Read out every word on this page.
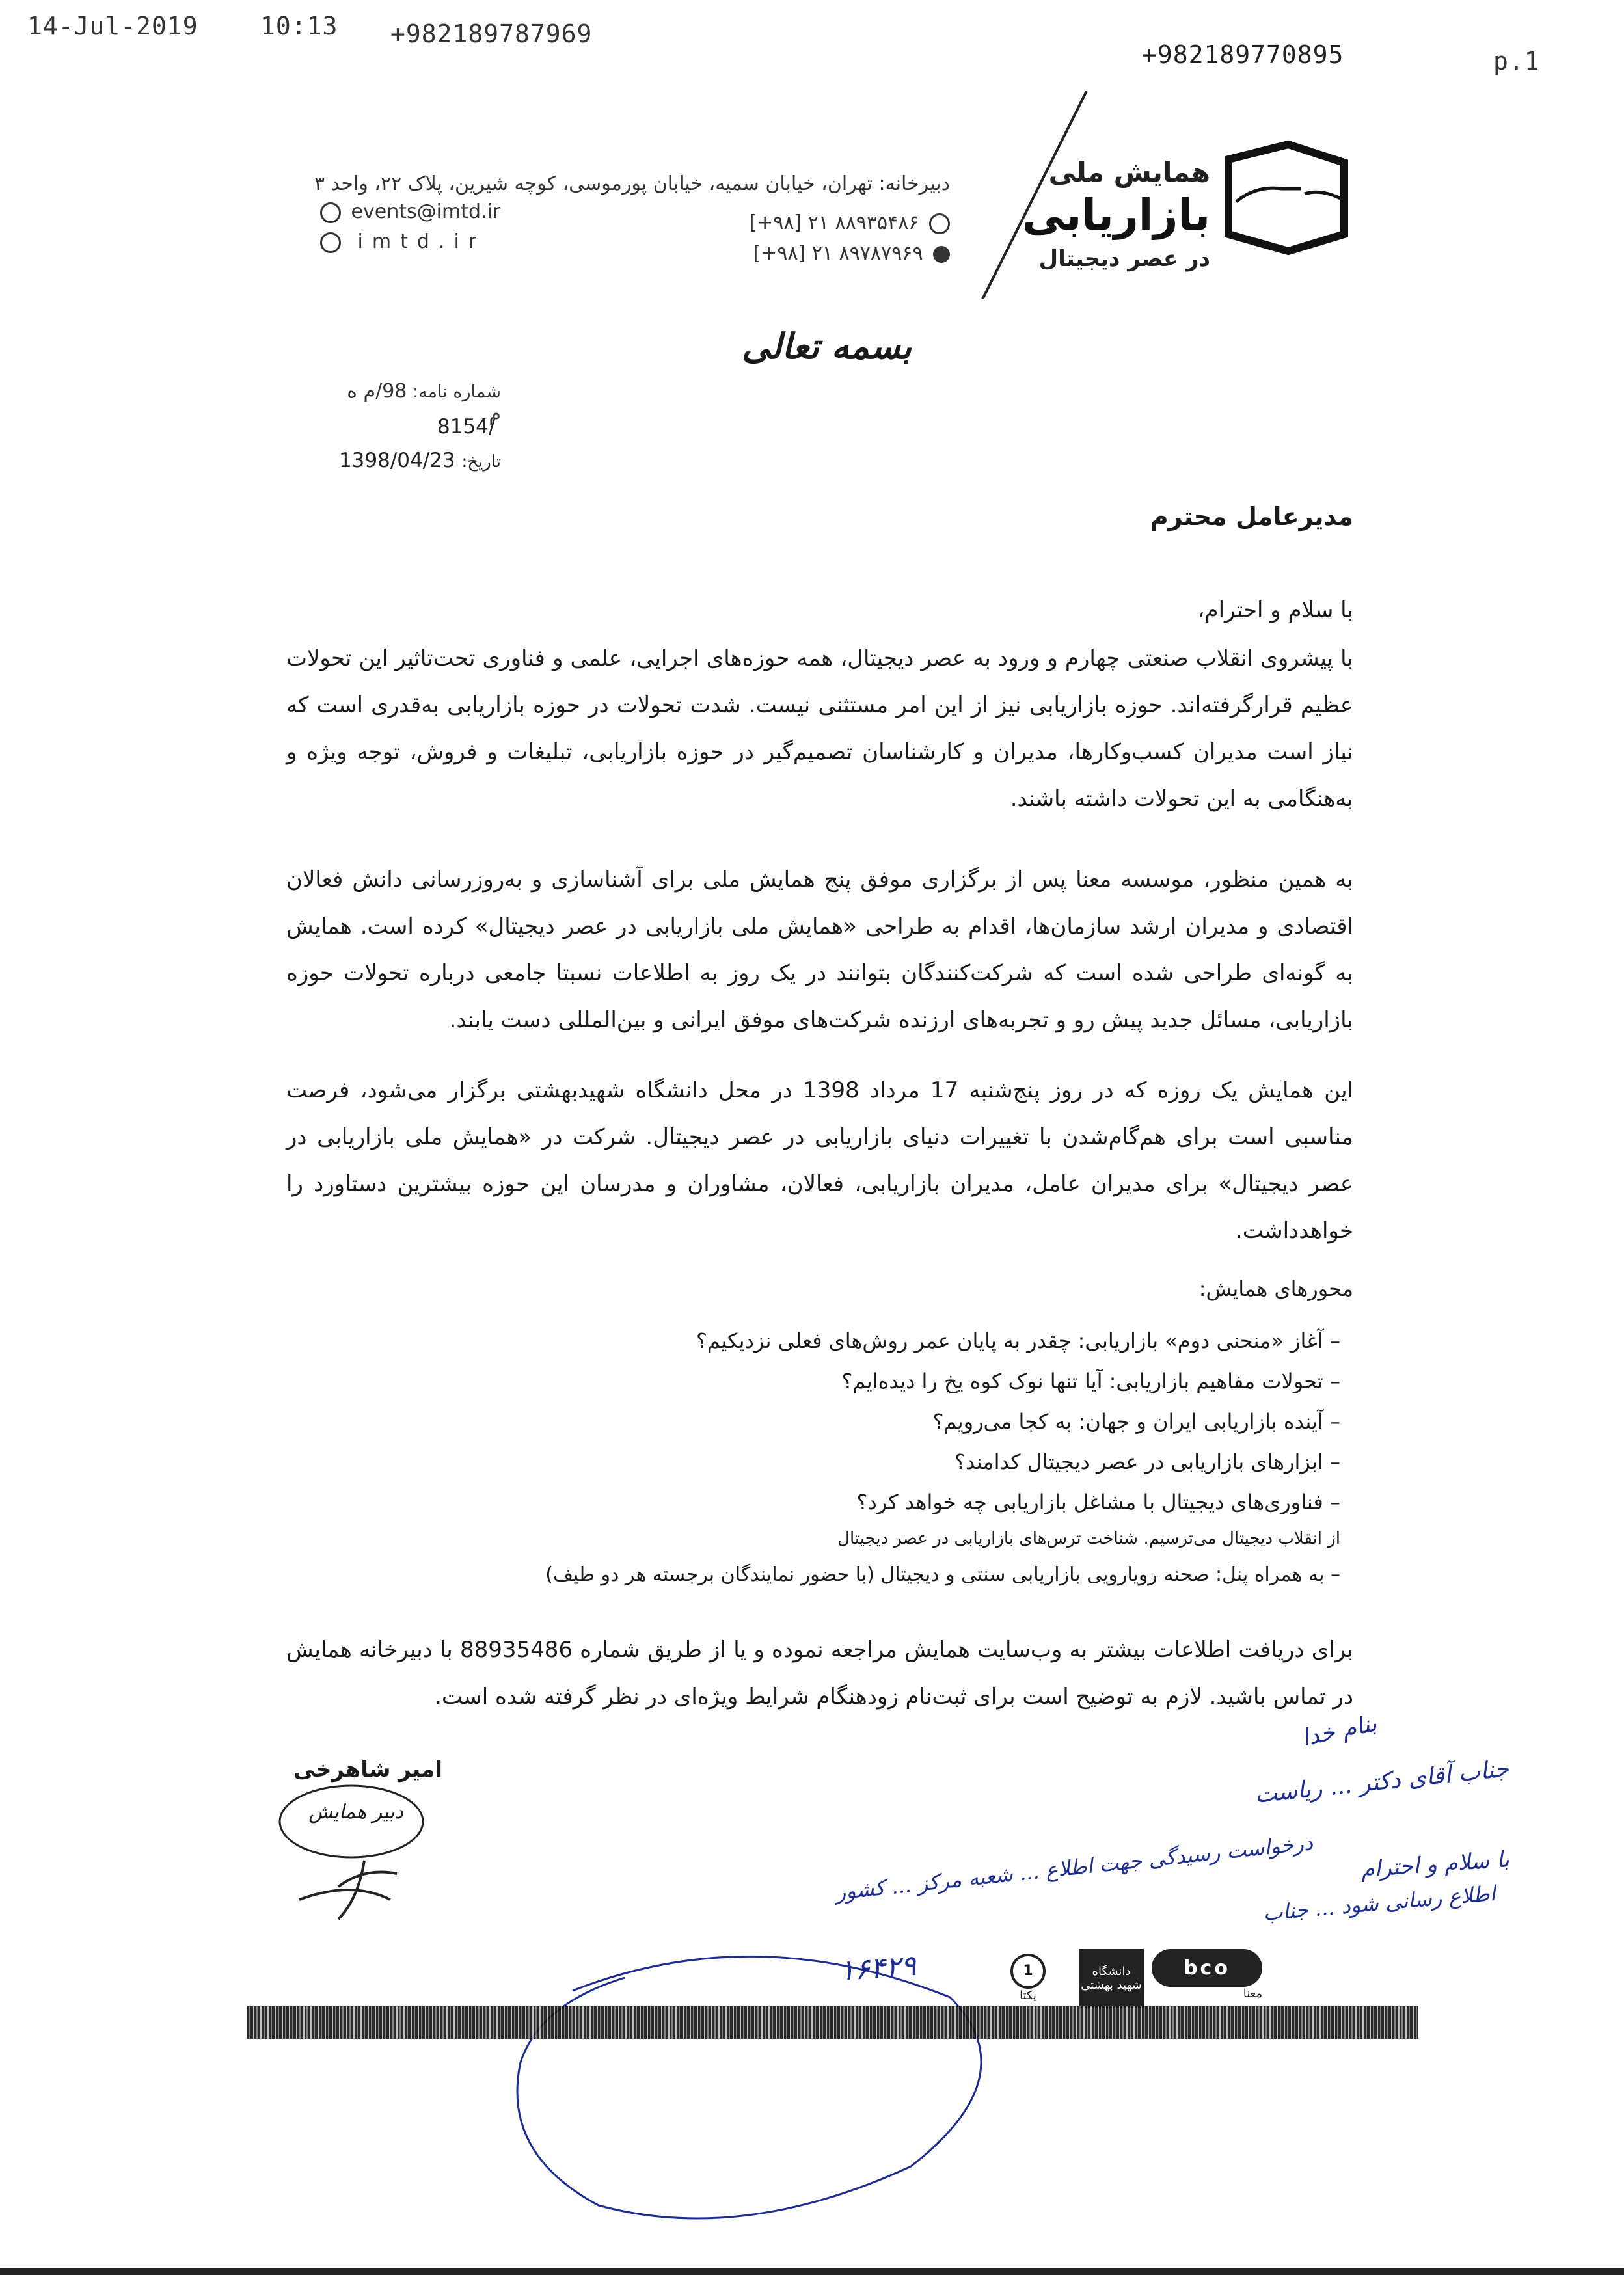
14-Jul-2019	10:13 +982189787969
+982189770895	p.1
همایش ملی
بازاریابی
در عصر دیجیتال
دبیرخانه: تهران، خیابان سمیه، خیابان پورموسی، کوچه شیرین، پلاک ۲۲، واحد ۳
[+۹۸] ۲۱ ۸۸۹۳۵۴۸۶
[+۹۸] ۲۱ ۸۹۷۸۷۹۶۹
events@imtd.ir
imtd.ir
بسمه تعالی
شماره نامه: 98/م ه م
8154/
تاریخ: 1398/04/23
مدیرعامل محترم
با سلام و احترام،
با پیشروی انقلاب صنعتی چهارم و ورود به عصر دیجیتال، همه حوزه‌های اجرایی، علمی و فناوری تحت‌تاثیر این تحولات عظیم قرارگرفته‌اند. حوزه بازاریابی نیز از این امر مستثنی نیست. شدت تحولات در حوزه بازاریابی به‌قدری است که نیاز است مدیران کسب‌وکارها، مدیران و کارشناسان تصمیم‌گیر در حوزه بازاریابی، تبلیغات و فروش، توجه ویژه و به‌هنگامی به این تحولات داشته باشند.
به همین منظور، موسسه معنا پس از برگزاری موفق پنج همایش ملی برای آشناسازی و به‌روزرسانی دانش فعالان اقتصادی و مدیران ارشد سازمان‌ها، اقدام به طراحی «همایش ملی بازاریابی در عصر دیجیتال» کرده است. همایش به گونه‌ای طراحی شده است که شرکت‌کنندگان بتوانند در یک روز به اطلاعات نسبتا جامعی درباره تحولات حوزه بازاریابی، مسائل جدید پیش رو و تجربه‌های ارزنده شرکت‌های موفق ایرانی و بین‌المللی دست یابند.
این همایش یک روزه که در روز پنج‌شنبه 17 مرداد 1398 در محل دانشگاه شهیدبهشتی برگزار می‌شود، فرصت مناسبی است برای هم‌گام‌شدن با تغییرات دنیای بازاریابی در عصر دیجیتال. شرکت در «همایش ملی بازاریابی در عصر دیجیتال» برای مدیران عامل، مدیران بازاریابی، فعالان، مشاوران و مدرسان این حوزه بیشترین دستاورد را خواهدداشت.
محورهای همایش:
– آغاز «منحنی دوم» بازاریابی: چقدر به پایان عمر روش‌های فعلی نزدیکیم؟
– تحولات مفاهیم بازاریابی: آیا تنها نوک کوه یخ را دیده‌ایم؟
– آینده بازاریابی ایران و جهان: به کجا می‌رویم؟
– ابزارهای بازاریابی در عصر دیجیتال کدامند؟
– فناوری‌های دیجیتال با مشاغل بازاریابی چه خواهد کرد؟
از انقلاب دیجیتال می‌ترسیم. شناخت ترس‌های بازاریابی در عصر دیجیتال
– به همراه پنل: صحنه رویارویی بازاریابی سنتی و دیجیتال (با حضور نمایندگان برجسته هر دو طیف)
برای دریافت اطلاعات بیشتر به وب‌سایت همایش مراجعه نموده و یا از طریق شماره 88935486 با دبیرخانه همایش در تماس باشید. لازم به توضیح است برای ثبت‌نام زودهنگام شرایط ویژه‌ای در نظر گرفته شده است.
امیر شاهرخی
دبیر همایش
بنام خدا
جناب آقای دکتر ... ریاست
با سلام و احترام
درخواست رسیدگی جهت اطلاع ... شعبه مرکز ... کشور
اطلاع رسانی شود ... جناب
۱۶۴۲۹	1
یکتا
دانشگاه شهید بهشتی
bco
معنا
